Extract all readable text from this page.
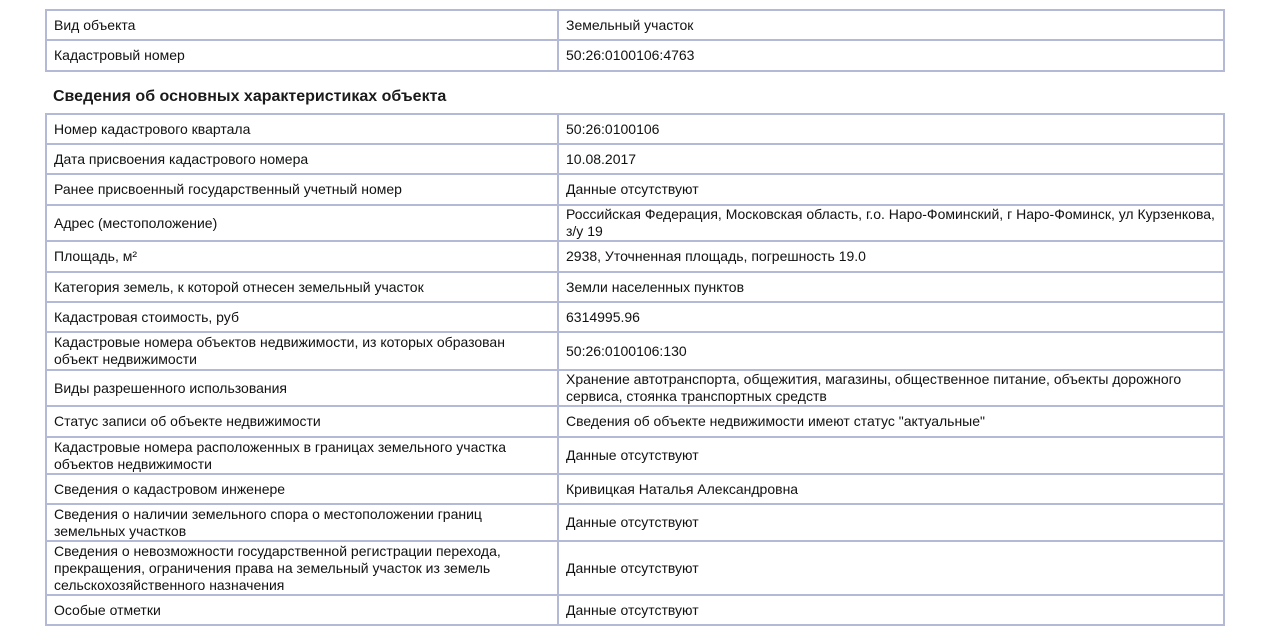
Вид объекта	Земельный участок
Кадастровый номер	50:26:0100106:4763
Сведения об основных характеристиках объекта
Номер кадастрового квартала	50:26:0100106
Дата присвоения кадастрового номера	10.08.2017
Ранее присвоенный государственный учетный номер	Данные отсутствуют
Адрес (местоположение)	Российская Федерация, Московская область, г.о. Наро-Фоминский, г Наро-Фоминск, ул Курзенкова, з/у 19
Площадь, м²	2938, Уточненная площадь, погрешность 19.0
Категория земель, к которой отнесен земельный участок	Земли населенных пунктов
Кадастровая стоимость, руб	6314995.96
Кадастровые номера объектов недвижимости, из которых образован объект недвижимости	50:26:0100106:130
Виды разрешенного использования	Хранение автотранспорта, общежития, магазины, общественное питание, объекты дорожного сервиса, стоянка транспортных средств
Статус записи об объекте недвижимости	Сведения об объекте недвижимости имеют статус "актуальные"
Кадастровые номера расположенных в границах земельного участка объектов недвижимости	Данные отсутствуют
Сведения о кадастровом инженере	Кривицкая Наталья Александровна
Сведения о наличии земельного спора о местоположении границ земельных участков	Данные отсутствуют
Сведения о невозможности государственной регистрации перехода, прекращения, ограничения права на земельный участок из земель сельскохозяйственного назначения	Данные отсутствуют
Особые отметки	Данные отсутствуют
